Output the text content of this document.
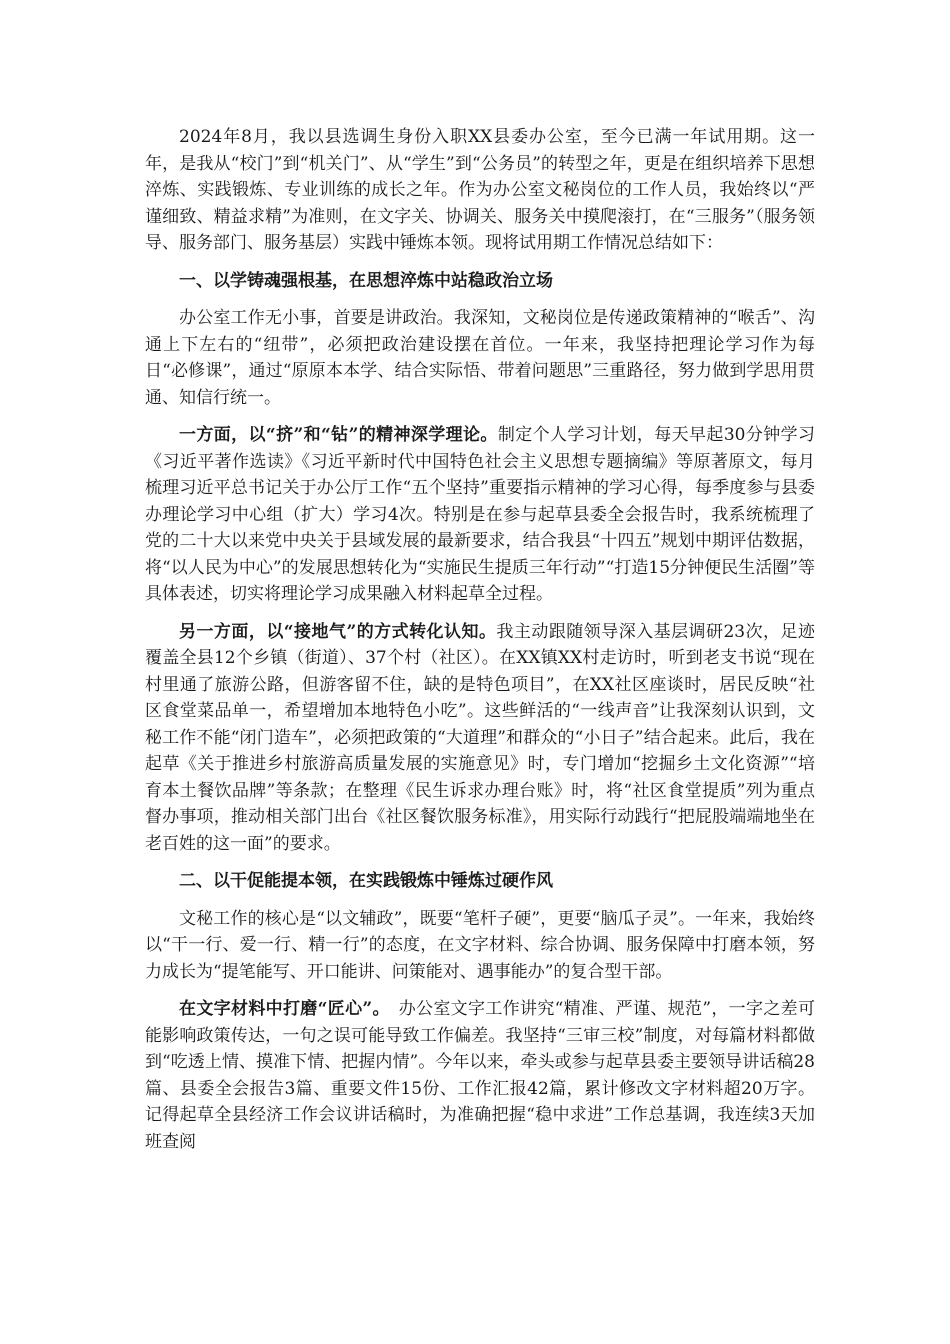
2024年8月，我以县选调生身份入职XX县委办公室，至今已满一年试用期。这一年，是我从“校门”到“机关门”、从“学生”到“公务员”的转型之年，更是在组织培养下思想淬炼、实践锻炼、专业训练的成长之年。作为办公室文秘岗位的工作人员，我始终以“严谨细致、精益求精”为准则，在文字关、协调关、服务关中摸爬滚打，在“三服务”（服务领导、服务部门、服务基层）实践中锤炼本领。现将试用期工作情况总结如下：

一、以学铸魂强根基，在思想淬炼中站稳政治立场

办公室工作无小事，首要是讲政治。我深知，文秘岗位是传递政策精神的“喉舌”、沟通上下左右的“纽带”，必须把政治建设摆在首位。一年来，我坚持把理论学习作为每日“必修课”，通过“原原本本学、结合实际悟、带着问题思”三重路径，努力做到学思用贯通、知信行统一。

一方面，以“挤”和“钻”的精神深学理论。制定个人学习计划，每天早起30分钟学习《习近平著作选读》《习近平新时代中国特色社会主义思想专题摘编》等原著原文，每月梳理习近平总书记关于办公厅工作“五个坚持”重要指示精神的学习心得，每季度参与县委办理论学习中心组（扩大）学习4次。特别是在参与起草县委全会报告时，我系统梳理了党的二十大以来党中央关于县域发展的最新要求，结合我县“十四五”规划中期评估数据，将“以人民为中心”的发展思想转化为“实施民生提质三年行动”“打造15分钟便民生活圈”等具体表述，切实将理论学习成果融入材料起草全过程。

另一方面，以“接地气”的方式转化认知。我主动跟随领导深入基层调研23次，足迹覆盖全县12个乡镇（街道）、37个村（社区）。在XX镇XX村走访时，听到老支书说“现在村里通了旅游公路，但游客留不住，缺的是特色项目”，在XX社区座谈时，居民反映“社区食堂菜品单一，希望增加本地特色小吃”。这些鲜活的“一线声音”让我深刻认识到，文秘工作不能“闭门造车”，必须把政策的“大道理”和群众的“小日子”结合起来。此后，我在起草《关于推进乡村旅游高质量发展的实施意见》时，专门增加“挖掘乡土文化资源”“培育本土餐饮品牌”等条款；在整理《民生诉求办理台账》时，将“社区食堂提质”列为重点督办事项，推动相关部门出台《社区餐饮服务标准》，用实际行动践行“把屁股端端地坐在老百姓的这一面”的要求。

二、以干促能提本领，在实践锻炼中锤炼过硬作风

文秘工作的核心是“以文辅政”，既要“笔杆子硬”，更要“脑瓜子灵”。一年来，我始终以“干一行、爱一行、精一行”的态度，在文字材料、综合协调、服务保障中打磨本领，努力成长为“提笔能写、开口能讲、问策能对、遇事能办”的复合型干部。

在文字材料中打磨“匠心”。　办公室文字工作讲究“精准、严谨、规范”，一字之差可能影响政策传达，一句之误可能导致工作偏差。我坚持“三审三校”制度，对每篇材料都做到“吃透上情、摸准下情、把握内情”。今年以来，牵头或参与起草县委主要领导讲话稿28篇、县委全会报告3篇、重要文件15份、工作汇报42篇，累计修改文字材料超20万字。记得起草全县经济工作会议讲话稿时，为准确把握“稳中求进”工作总基调，我连续3天加班查阅
